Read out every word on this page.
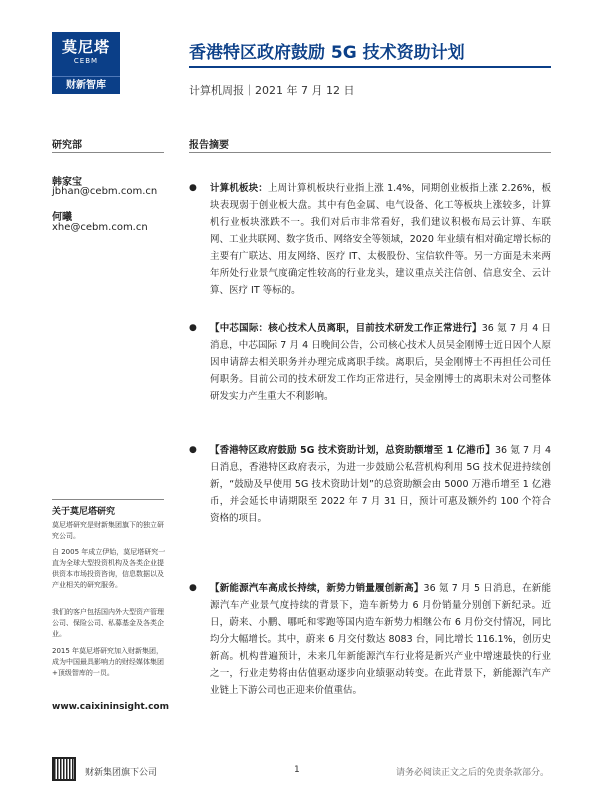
莫尼塔
CEBM
财新智库
香港特区政府鼓励 5G 技术资助计划
计算机周报｜2021 年 7 月 12 日
研究部	报告摘要
韩家宝
jbhan@cebm.com.cn
何曦
xhe@cebm.com.cn
●	计算机板块：上周计算机板块行业指上涨 1.4%，同期创业板指上涨 2.26%，板块表现弱于创业板大盘。其中有色金属、电气设备、化工等板块上涨较多，计算机行业板块涨跌不一。我们对后市非常看好，我们建议积极布局云计算、车联网、工业共联网、数字货币、网络安全等领域，2020 年业绩有相对确定增长标的主要有广联达、用友网络、医疗 IT、太极股份、宝信软件等。另一方面是未来两年所处行业景气度确定性较高的行业龙头，建议重点关注信创、信息安全、云计算、医疗 IT 等标的。
●	【中芯国际：核心技术人员离职，目前技术研发工作正常进行】36 氪 7 月 4 日消息，中芯国际 7 月 4 日晚间公告，公司核心技术人员吴金刚博士近日因个人原因申请辞去相关职务并办理完成离职手续。离职后，吴金刚博士不再担任公司任何职务。目前公司的技术研发工作均正常进行，吴金刚博士的离职未对公司整体研发实力产生重大不利影响。
●	【香港特区政府鼓励 5G 技术资助计划，总资助额增至 1 亿港币】36 氪 7 月 4 日消息，香港特区政府表示，为进一步鼓励公私营机构利用 5G 技术促进持续创新，“鼓励及早使用 5G 技术资助计划”的总资助额会由 5000 万港币增至 1 亿港币，并会延长申请期限至 2022 年 7 月 31 日，预计可惠及额外约 100 个符合资格的项目。
●	【新能源汽车高成长持续，新势力销量履创新高】36 氪 7 月 5 日消息，在新能源汽车产业景气度持续的背景下，造车新势力 6 月份销量分别创下新纪录。近日，蔚来、小鹏、哪吒和零跑等国内造车新势力相继公布 6 月份交付情况，同比均分大幅增长。其中，蔚来 6 月交付数达 8083 台，同比增长 116.1%，创历史新高。机构普遍预计，未来几年新能源汽车行业将是新兴产业中增速最快的行业之一，行业走势将由估值驱动逐步向业绩驱动转变。在此背景下，新能源汽车产业链上下游公司也正迎来价值重估。
关于莫尼塔研究
莫尼塔研究是财新集团旗下的独立研究公司。
自 2005 年成立伊始，莫尼塔研究一直为全球大型投资机构及各类企业提供资本市场投资咨询，信息数据以及产业相关的研究服务。
我们的客户包括国内外大型资产管理公司、保险公司、私募基金及各类企业。
2015 年莫尼塔研究加入财新集团，成为中国最具影响力的财经媒体集团+顶级智库的一员。
www.caixininsight.com
财新集团旗下公司	1	请务必阅读正文之后的免责条款部分。
